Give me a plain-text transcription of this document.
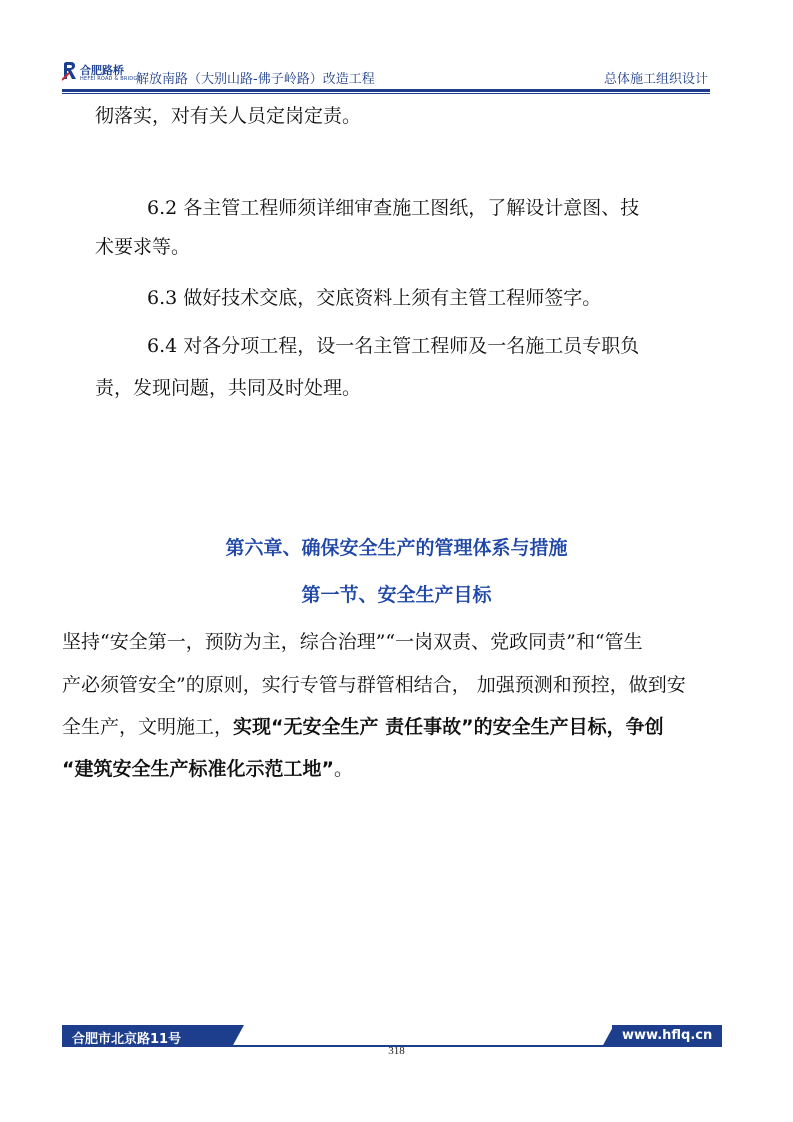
合肥路桥
HEFEI ROAD & BRIDGE
解放南路（大别山路-佛子岭路）改造工程	总体施工组织设计
彻落实，对有关人员定岗定责。
6.2 各主管工程师须详细审查施工图纸，了解设计意图、技
术要求等。
6.3 做好技术交底，交底资料上须有主管工程师签字。
6.4 对各分项工程，设一名主管工程师及一名施工员专职负
责，发现问题，共同及时处理。
第六章、确保安全生产的管理体系与措施
第一节、安全生产目标
坚持“安全第一，预防为主，综合治理”“一岗双责、党政同责”和“管生
产必须管安全”的原则，实行专管与群管相结合， 加强预测和预控，做到安
全生产，文明施工，实现“无安全生产 责任事故”的安全生产目标，争创
“建筑安全生产标准化示范工地”。
合肥市北京路11号	www.hflq.cn
318
